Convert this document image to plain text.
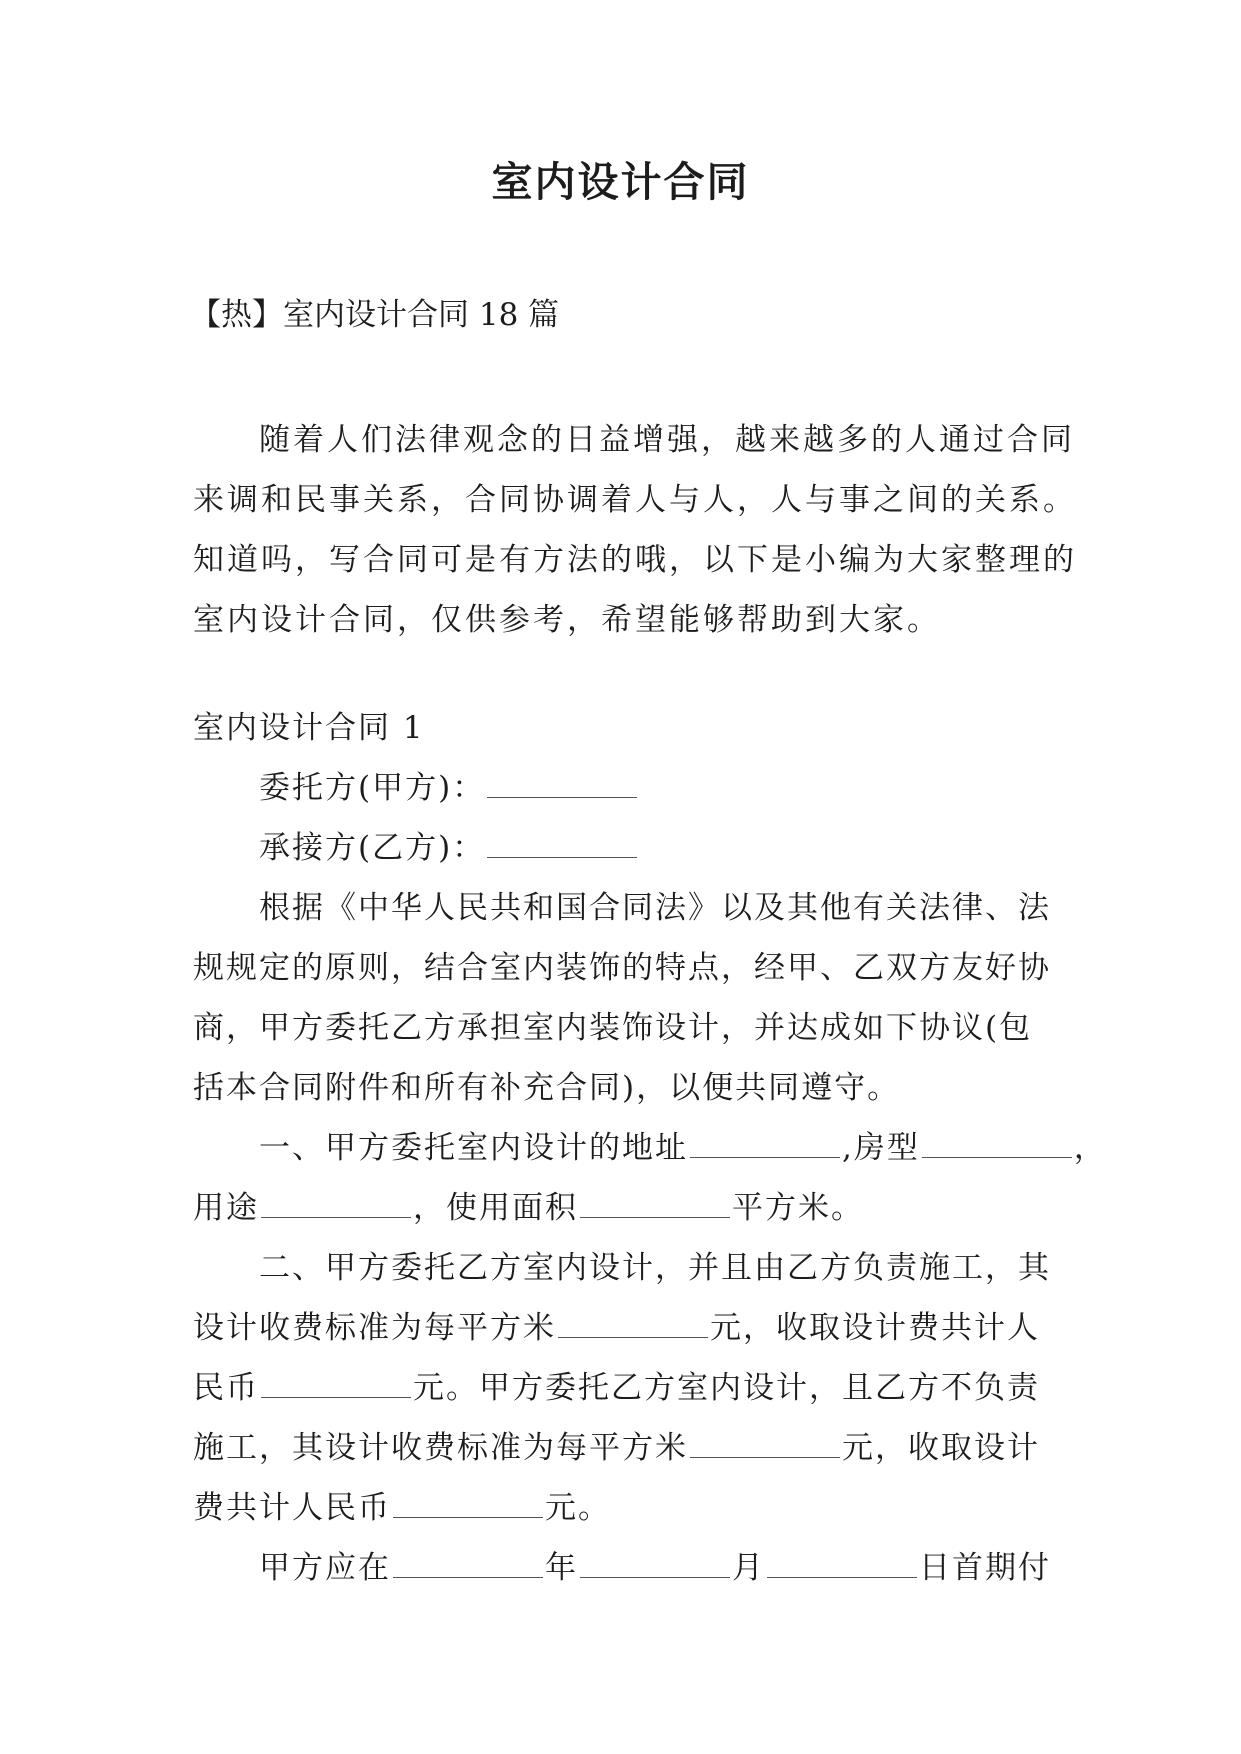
室内设计合同

【热】室内设计合同 18 篇

随着人们法律观念的日益增强，越来越多的人通过合同
来调和民事关系，合同协调着人与人，人与事之间的关系。
知道吗，写合同可是有方法的哦，以下是小编为大家整理的
室内设计合同，仅供参考，希望能够帮助到大家。

室内设计合同 1
委托方(甲方)：
承接方(乙方)：
根据《中华人民共和国合同法》以及其他有关法律、法
规规定的原则，结合室内装饰的特点，经甲、乙双方友好协
商，甲方委托乙方承担室内装饰设计，并达成如下协议(包
括本合同附件和所有补充合同)，以便共同遵守。
一、甲方委托室内设计的地址	,房型	，
用途	，使用面积	平方米。
二、甲方委托乙方室内设计，并且由乙方负责施工，其
设计收费标准为每平方米	元，收取设计费共计人
民币	元。甲方委托乙方室内设计，且乙方不负责
施工，其设计收费标准为每平方米	元，收取设计
费共计人民币	元。
甲方应在	年	月	日首期付
